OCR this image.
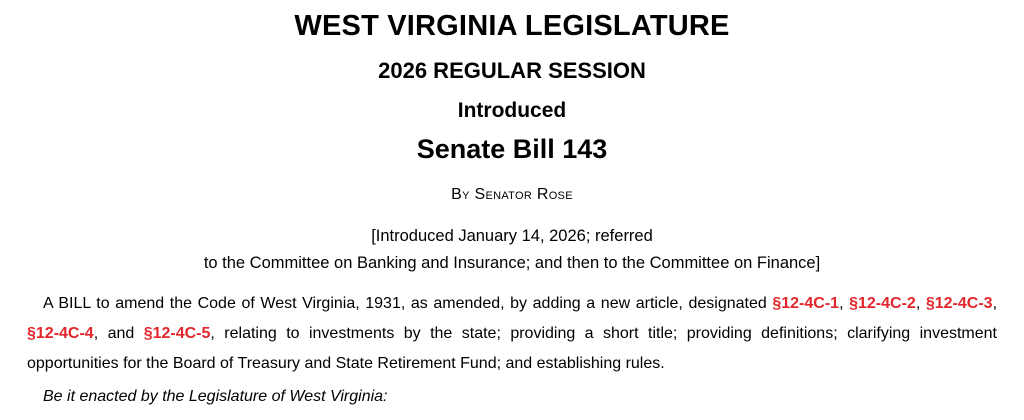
WEST VIRGINIA LEGISLATURE
2026 REGULAR SESSION
Introduced
Senate Bill 143
By Senator Rose
[Introduced January 14, 2026; referred
to the Committee on Banking and Insurance; and then to the Committee on Finance]

A BILL to amend the Code of West Virginia, 1931, as amended, by adding a new article, designated §12-4C-1, §12-4C-2, §12-4C-3, §12-4C-4, and §12-4C-5, relating to investments by the state; providing a short title; providing definitions; clarifying investment opportunities for the Board of Treasury and State Retirement Fund; and establishing rules.

Be it enacted by the Legislature of West Virginia:
